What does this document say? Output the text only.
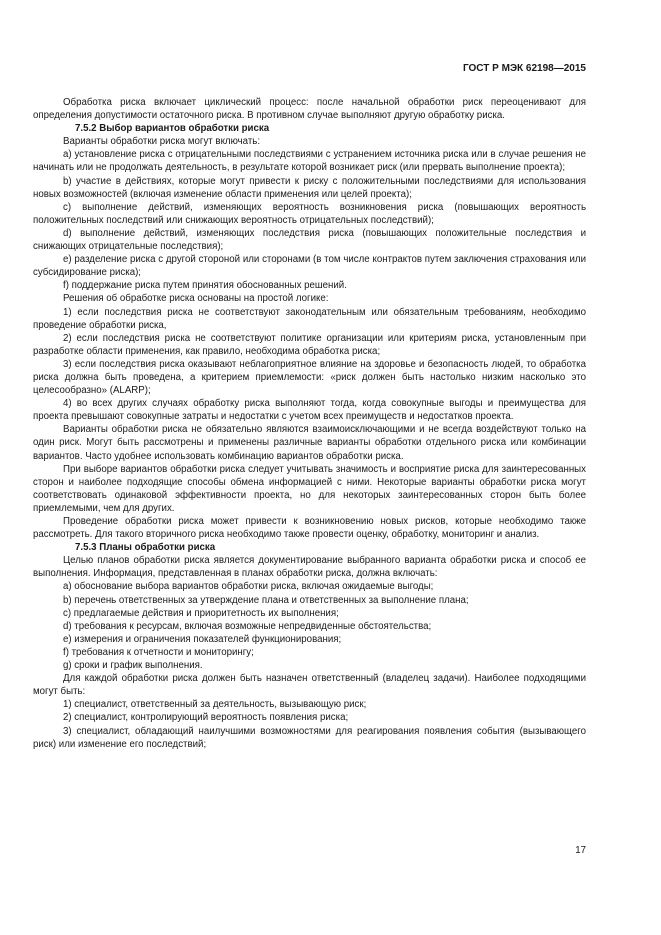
ГОСТ Р МЭК 62198—2015

Обработка риска включает циклический процесс: после начальной обработки риск переоценивают для определения допустимости остаточного риска. В противном случае выполняют другую обработку риска.

7.5.2 Выбор вариантов обработки риска

Варианты обработки риска могут включать:

а) установление риска с отрицательными последствиями с устранением источника риска или в случае решения не начинать или не продолжать деятельность, в результате которой возникает риск (или прервать выполнение проекта);

b) участие в действиях, которые могут привести к риску с положительными последствиями для использования новых возможностей (включая изменение области применения или целей проекта);

с) выполнение действий, изменяющих вероятность возникновения риска (повышающих вероятность положительных последствий или снижающих вероятность отрицательных последствий);

d) выполнение действий, изменяющих последствия риска (повышающих положительные последствия и снижающих отрицательные последствия);

е) разделение риска с другой стороной или сторонами (в том числе контрактов путем заключения страхования или субсидирование риска);

f) поддержание риска путем принятия обоснованных решений.

Решения об обработке риска основаны на простой логике:

1) если последствия риска не соответствуют законодательным или обязательным требованиям, необходимо проведение обработки риска,

2) если последствия риска не соответствуют политике организации или критериям риска, установленным при разработке области применения, как правило, необходима обработка риска;

3) если последствия риска оказывают неблагоприятное влияние на здоровье и безопасность людей, то обработка риска должна быть проведена, а критерием приемлемости: «риск должен быть настолько низким насколько это целесообразно» (ALARP);

4) во всех других случаях обработку риска выполняют тогда, когда совокупные выгоды и преимущества для проекта превышают совокупные затраты и недостатки с учетом всех преимуществ и недостатков проекта.

Варианты обработки риска не обязательно являются взаимоисключающими и не всегда воздействуют только на один риск. Могут быть рассмотрены и применены различные варианты обработки отдельного риска или комбинации вариантов. Часто удобнее использовать комбинацию вариантов обработки риска.

При выборе вариантов обработки риска следует учитывать значимость и восприятие риска для заинтересованных сторон и наиболее подходящие способы обмена информацией с ними. Некоторые варианты обработки риска могут соответствовать одинаковой эффективности проекта, но для некоторых заинтересованных сторон быть более приемлемыми, чем для других.

Проведение обработки риска может привести к возникновению новых рисков, которые необходимо также рассмотреть. Для такого вторичного риска необходимо также провести оценку, обработку, мониторинг и анализ.

7.5.3 Планы обработки риска

Целью планов обработки риска является документирование выбранного варианта обработки риска и способ ее выполнения. Информация, представленная в планах обработки риска, должна включать:

a) обоснование выбора вариантов обработки риска, включая ожидаемые выгоды;

b) перечень ответственных за утверждение плана и ответственных за выполнение плана;

c) предлагаемые действия и приоритетность их выполнения;

d) требования к ресурсам, включая возможные непредвиденные обстоятельства;

e) измерения и ограничения показателей функционирования;

f) требования к отчетности и мониторингу;

g) сроки и график выполнения.

Для каждой обработки риска должен быть назначен ответственный (владелец задачи). Наиболее подходящими могут быть:

1) специалист, ответственный за деятельность, вызывающую риск;

2) специалист, контролирующий вероятность появления риска;

3) специалист, обладающий наилучшими возможностями для реагирования появления события (вызывающего риск) или изменение его последствий;

17
